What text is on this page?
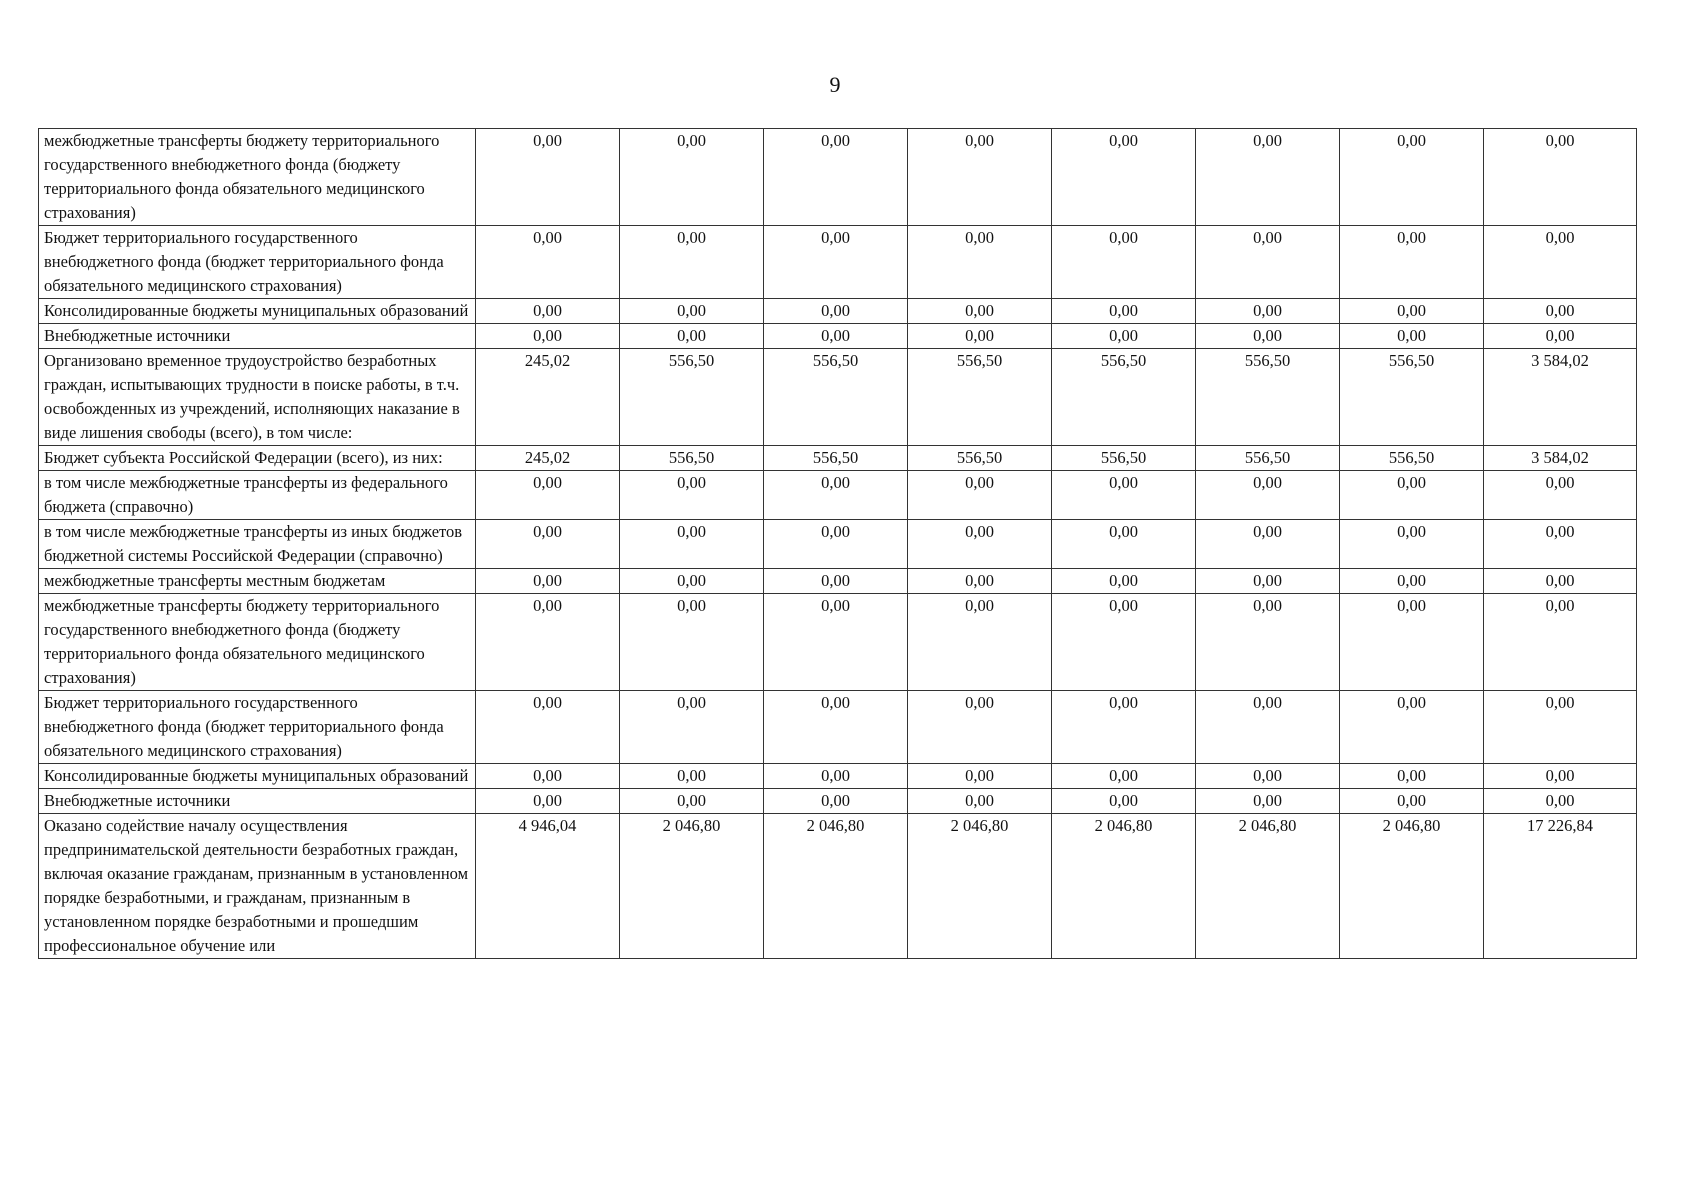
9
межбюджетные трансферты бюджету территориального государственного внебюджетного фонда (бюджету территориального фонда обязательного медицинского страхования)	0,00	0,00	0,00	0,00	0,00	0,00	0,00	0,00
Бюджет территориального государственного внебюджетного фонда (бюджет территориального фонда обязательного медицинского страхования)	0,00	0,00	0,00	0,00	0,00	0,00	0,00	0,00
Консолидированные бюджеты муниципальных образований	0,00	0,00	0,00	0,00	0,00	0,00	0,00	0,00
Внебюджетные источники	0,00	0,00	0,00	0,00	0,00	0,00	0,00	0,00
Организовано временное трудоустройство безработных граждан, испытывающих трудности в поиске работы, в т.ч. освобожденных из учреждений, исполняющих наказание в виде лишения свободы (всего), в том числе:	245,02	556,50	556,50	556,50	556,50	556,50	556,50	3 584,02
Бюджет субъекта Российской Федерации (всего), из них:	245,02	556,50	556,50	556,50	556,50	556,50	556,50	3 584,02
в том числе межбюджетные трансферты из федерального бюджета (справочно)	0,00	0,00	0,00	0,00	0,00	0,00	0,00	0,00
в том числе межбюджетные трансферты из иных бюджетов бюджетной системы Российской Федерации (справочно)	0,00	0,00	0,00	0,00	0,00	0,00	0,00	0,00
межбюджетные трансферты местным бюджетам	0,00	0,00	0,00	0,00	0,00	0,00	0,00	0,00
межбюджетные трансферты бюджету территориального государственного внебюджетного фонда (бюджету территориального фонда обязательного медицинского страхования)	0,00	0,00	0,00	0,00	0,00	0,00	0,00	0,00
Бюджет территориального государственного внебюджетного фонда (бюджет территориального фонда обязательного медицинского страхования)	0,00	0,00	0,00	0,00	0,00	0,00	0,00	0,00
Консолидированные бюджеты муниципальных образований	0,00	0,00	0,00	0,00	0,00	0,00	0,00	0,00
Внебюджетные источники	0,00	0,00	0,00	0,00	0,00	0,00	0,00	0,00
Оказано содействие началу осуществления предпринимательской деятельности безработных граждан, включая оказание гражданам, признанным в установленном порядке безработными, и гражданам, признанным в установленном порядке безработными и прошедшим профессиональное обучение или	4 946,04	2 046,80	2 046,80	2 046,80	2 046,80	2 046,80	2 046,80	17 226,84
